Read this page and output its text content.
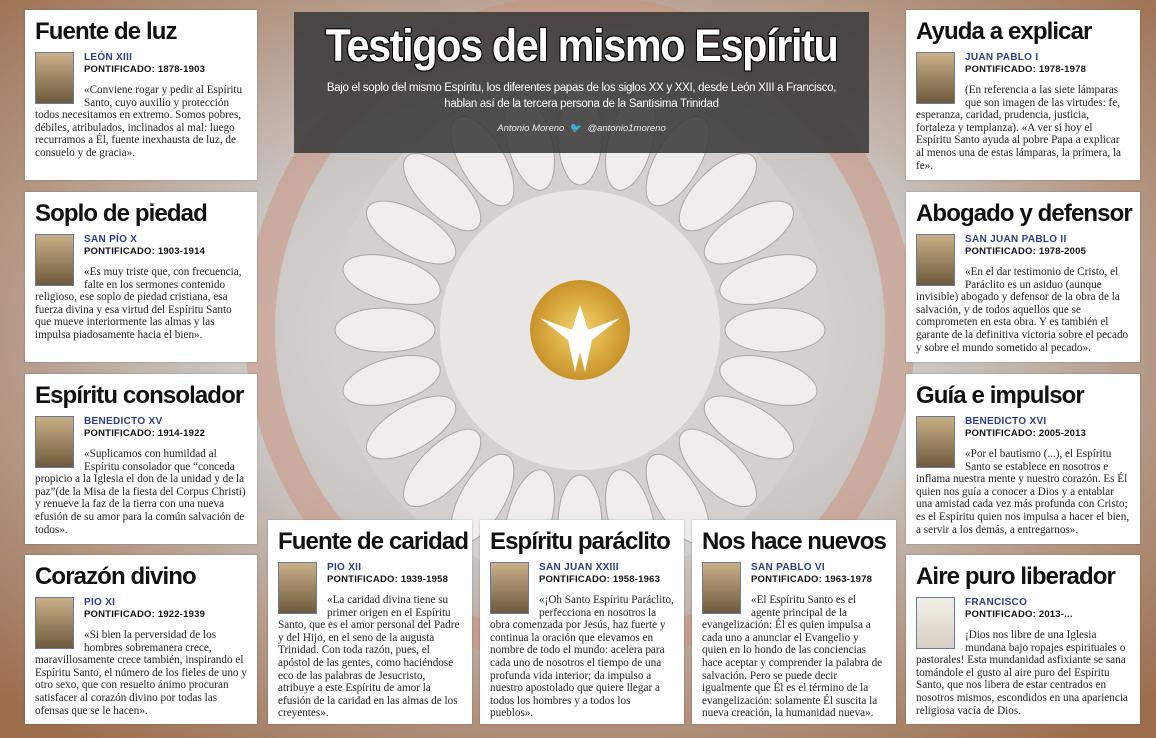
Testigos del mismo Espíritu

Bajo el soplo del mismo Espíritu, los diferentes papas de los siglos XX y XXI, desde León XIII a Francisco, hablan así de la tercera persona de la Santísima Trinidad

Antonio Moreno 🐦 @antonio1moreno

Fuente de luz
LEÓN XIII
PONTIFICADO: 1878-1903
«Conviene rogar y pedir al Espíritu Santo, cuyo auxilio y protección todos necesitamos en extremo. Somos pobres, débiles, atribulados, inclinados al mal: luego recurramos a Él, fuente inexhausta de luz, de consuelo y de gracia».
Soplo de piedad
SAN PÍO X
PONTIFICADO: 1903-1914
«Es muy triste que, con frecuencia, falte en los sermones contenido religioso, ese soplo de piedad cristiana, esa fuerza divina y esa virtud del Espíritu Santo que mueve interiormente las almas y las impulsa piadosamente hacia el bien».
Espíritu consolador
BENEDICTO XV
PONTIFICADO: 1914-1922
«Suplicamos con humildad al Espíritu consolador que “conceda propicio a la Iglesia el don de la unidad y de la paz”(de la Misa de la fiesta del Corpus Christi) y renueve la faz de la tierra con una nueva efusión de su amor para la común salvación de todos».
Corazón divino
PIO XI
PONTIFICADO: 1922-1939
«Si bien la perversidad de los hombres sobremanera crece, maravillosamente crece también, inspirando el Espíritu Santo, el número de los fieles de uno y otro sexo, que con resuelto ánimo procuran satisfacer al corazón divino por todas las ofensas que se le hacen».
Fuente de caridad
PIO XII
PONTIFICADO: 1939-1958
«La caridad divina tiene su primer origen en el Espíritu Santo, que es el amor personal del Padre y del Hijo, en el seno de la augusta Trinidad. Con toda razón, pues, el apóstol de las gentes, como haciéndose eco de las palabras de Jesucristo, atribuye a este Espíritu de amor la efusión de la caridad en las almas de los creyentes».
Espíritu paráclito
SAN JUAN XXIII
PONTIFICADO: 1958-1963
«¡Oh Santo Espíritu Paráclito, perfecciona en nosotros la obra comenzada por Jesús, haz fuerte y continua la oración que elevamos en nombre de todo el mundo: acelera para cada uno de nosotros el tiempo de una profunda vida interior; da impulso a nuestro apostolado que quiere llegar a todos los hombres y a todos los pueblos».
Nos hace nuevos
SAN PABLO VI
PONTIFICADO: 1963-1978
«El Espíritu Santo es el agente principal de la evangelización: Él es quien impulsa a cada uno a anunciar el Evangelio y quien en lo hondo de las conciencias hace aceptar y comprender la palabra de salvación. Pero se puede decir igualmente que Él es el término de la evangelización: solamente Él suscita la nueva creación, la humanidad nueva».
Ayuda a explicar
JUAN PABLO I
PONTIFICADO: 1978-1978
(En referencia a las siete lámparas que son imagen de las virtudes: fe, esperanza, caridad, prudencia, justicia, fortaleza y templanza). «A ver si hoy el Espíritu Santo ayuda al pobre Papa a explicar al menos una de estas lámparas, la primera, la fe».
Abogado y defensor
SAN JUAN PABLO II
PONTIFICADO: 1978-2005
«En el dar testimonio de Cristo, el Paráclito es un asiduo (aunque invisible) abogado y defensor de la obra de la salvación, y de todos aquellos que se comprometen en esta obra. Y es también el garante de la definitiva victoria sobre el pecado y sobre el mundo sometido al pecado».
Guía e impulsor
BENEDICTO XVI
PONTIFICADO: 2005-2013
«Por el bautismo (...), el Espíritu Santo se establece en nosotros e inflama nuestra mente y nuestro corazón. Es Él quien nos guía a conocer a Dios y a entablar una amistad cada vez más profunda con Cristo; es el Espíritu quien nos impulsa a hacer el bien, a servir a los demás, a entregarnos».
Aire puro liberador
FRANCISCO
PONTIFICADO: 2013-...
¡Dios nos libre de una Iglesia mundana bajo ropajes espirituales o pastorales! Esta mundanidad asfixiante se sana tomándole el gusto al aire puro del Espíritu Santo, que nos libera de estar centrados en nosotros mismos, escondidos en una apariencia religiosa vacía de Dios.
